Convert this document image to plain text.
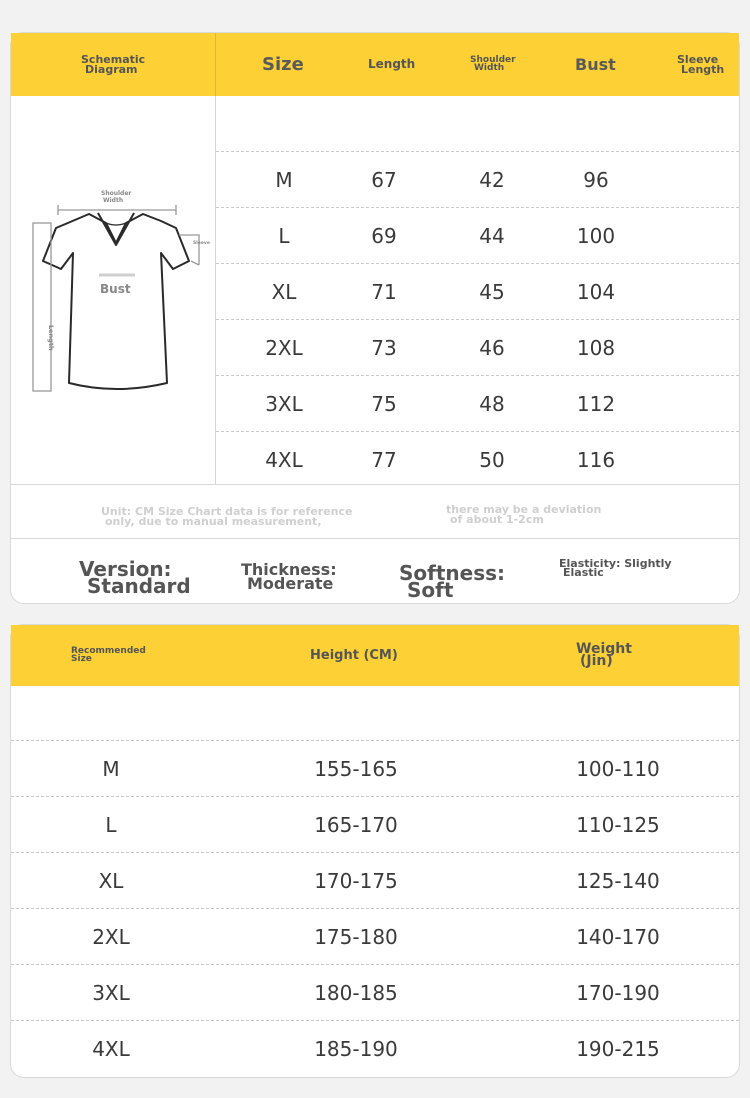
Schematic
Diagram	Size	Length	Shoulder
Width	Bust	Sleeve
Length
Shoulder
Width
Sleeve
Bust
Length
M	67	42	96
L	69	44	100
XL	71	45	104
2XL	73	46	108
3XL	75	48	112
4XL	77	50	116
Unit: CM Size Chart data is for reference
only, due to manual measurement,
there may be a deviation
of about 1-2cm
Version:
Standard
Thickness:
Moderate	Softness:
Soft
Elasticity: Slightly
Elastic
Recommended
Size	Height (CM)	Weight
(Jin)
M	155-165	100-110
L	165-170	110-125
XL	170-175	125-140
2XL	175-180	140-170
3XL	180-185	170-190
4XL	185-190	190-215
